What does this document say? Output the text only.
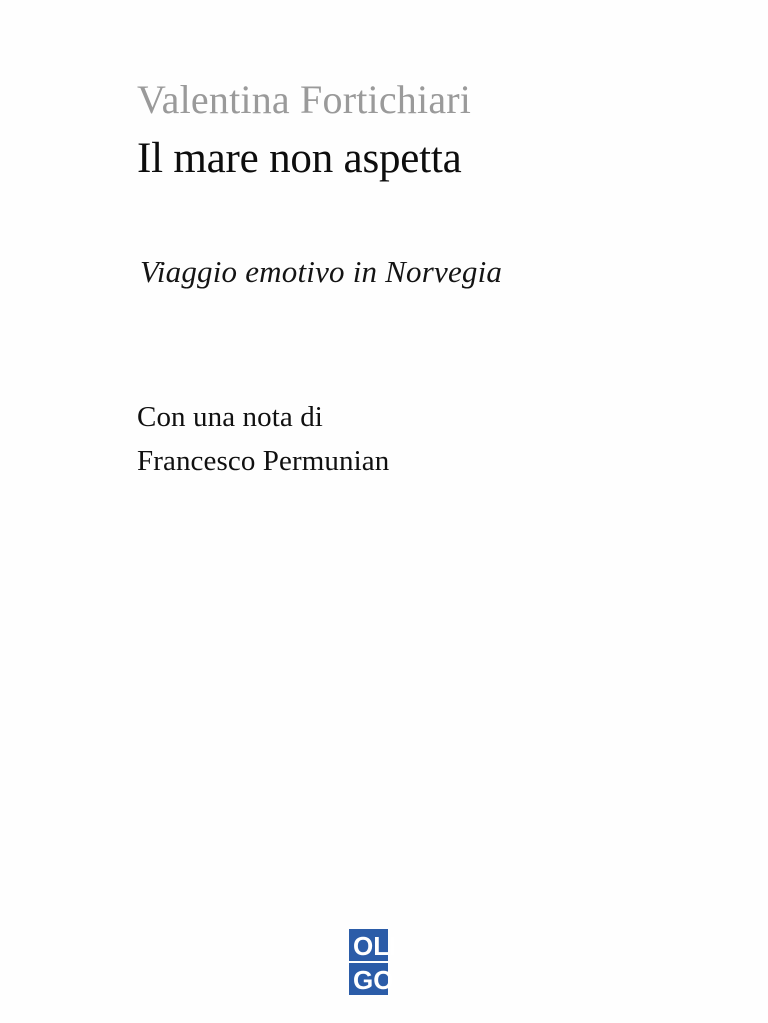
Valentina Fortichiari
Il mare non aspetta
Viaggio emotivo in Norvegia
Con una nota di
Francesco Permunian
OLI
GO
